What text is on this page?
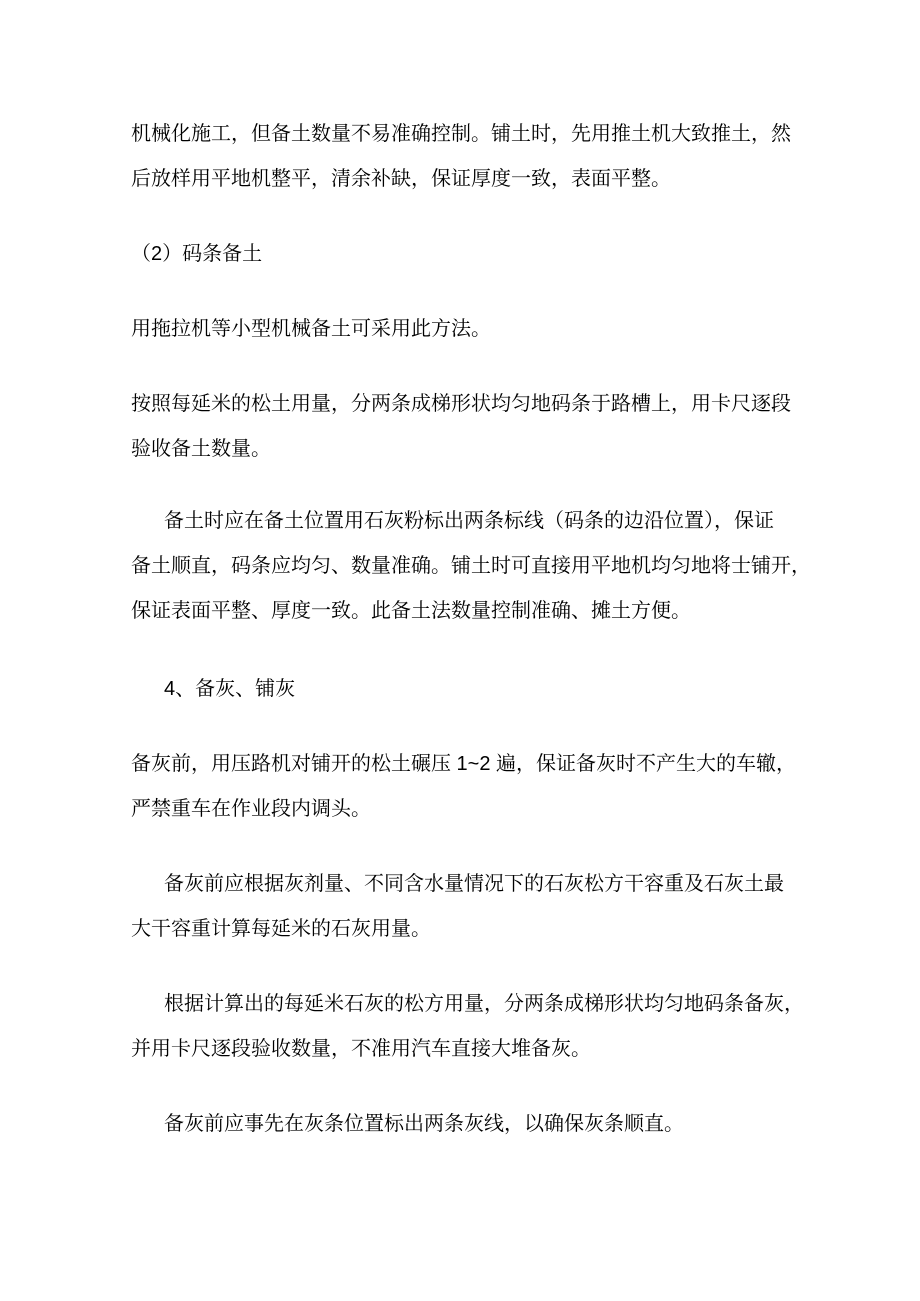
机械化施工，但备土数量不易准确控制。铺土时，先用推土机大致推土，然
后放样用平地机整平，清余补缺，保证厚度一致，表面平整。
（2）码条备土
用拖拉机等小型机械备土可采用此方法。
按照每延米的松土用量，分两条成梯形状均匀地码条于路槽上，用卡尺逐段
验收备土数量。
备土时应在备土位置用石灰粉标出两条标线（码条的边沿位置），保证
备土顺直，码条应均匀、数量准确。铺土时可直接用平地机均匀地将士铺开，
保证表面平整、厚度一致。此备土法数量控制准确、摊土方便。
4、备灰、铺灰
备灰前，用压路机对铺开的松土碾压 1~2 遍，保证备灰时不产生大的车辙，
严禁重车在作业段内调头。
备灰前应根据灰剂量、不同含水量情况下的石灰松方干容重及石灰土最
大干容重计算每延米的石灰用量。
根据计算出的每延米石灰的松方用量，分两条成梯形状均匀地码条备灰，
并用卡尺逐段验收数量，不准用汽车直接大堆备灰。
备灰前应事先在灰条位置标出两条灰线，以确保灰条顺直。
